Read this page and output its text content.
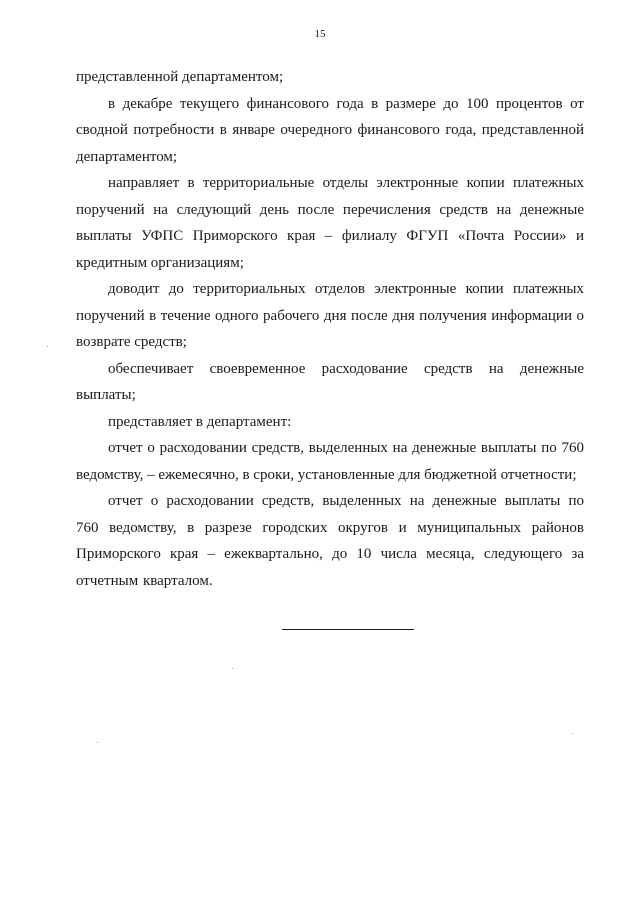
15

представленной департаментом;

в декабре текущего финансового года в размере до 100 процентов от сводной потребности в январе очередного финансового года, представленной департаментом;

направляет в территориальные отделы электронные копии платежных поручений на следующий день после перечисления средств на денежные выплаты УФПС Приморского края – филиалу ФГУП «Почта России» и кредитным организациям;

доводит до территориальных отделов электронные копии платежных поручений в течение одного рабочего дня после дня получения информации о возврате средств;

обеспечивает своевременное расходование средств на денежные выплаты;

представляет в департамент:

отчет о расходовании средств, выделенных на денежные выплаты по 760 ведомству, – ежемесячно, в сроки, установленные для бюджетной отчетности;

отчет о расходовании средств, выделенных на денежные выплаты по 760 ведомству, в разрезе городских округов и муниципальных районов Приморского края – ежеквартально, до 10 числа месяца, следующего за отчетным кварталом.
